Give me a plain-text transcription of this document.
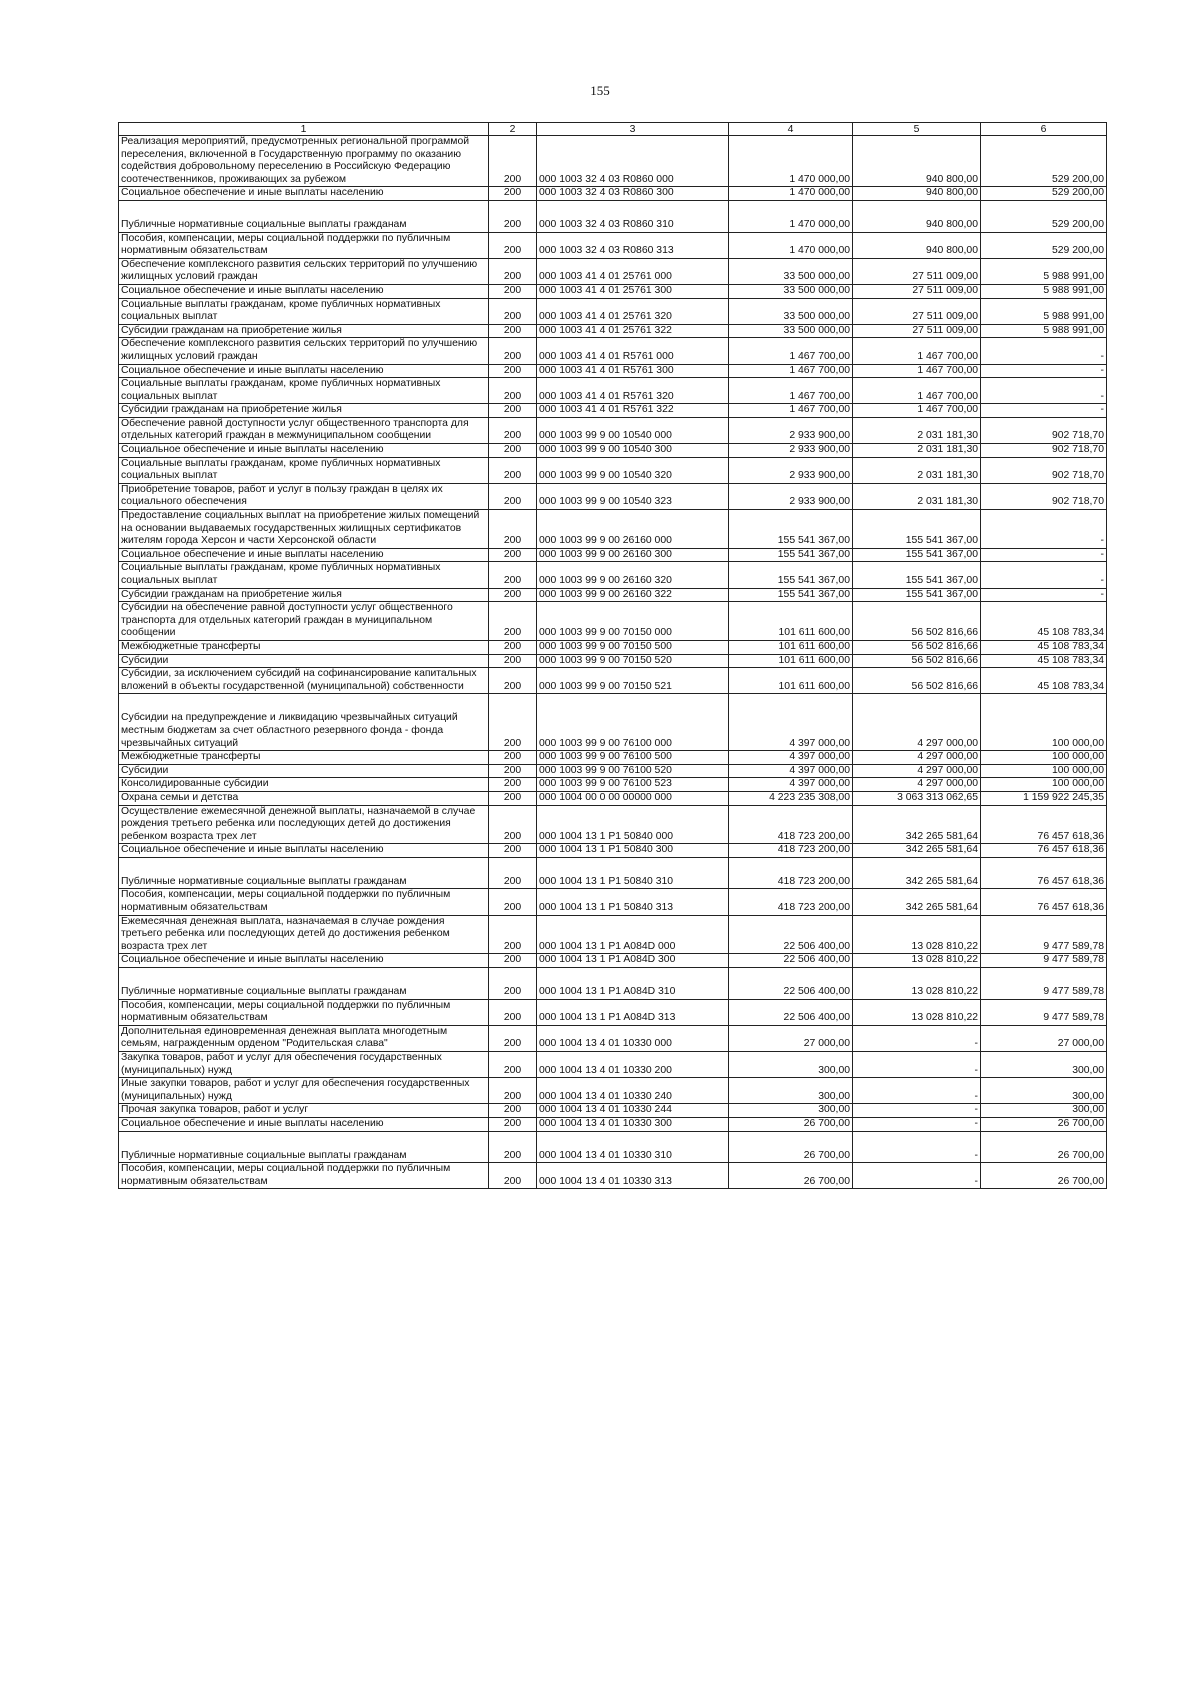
155
1	2	3	4	5	6
Реализация мероприятий, предусмотренных региональной программой переселения, включенной в Государственную программу по оказанию содействия добровольному переселению в Российскую Федерацию соотечественников, проживающих за рубежом	200	000 1003 32 4 03 R0860 000	1 470 000,00	940 800,00	529 200,00
Социальное обеспечение и иные выплаты населению	200	000 1003 32 4 03 R0860 300	1 470 000,00	940 800,00	529 200,00
Публичные нормативные социальные выплаты гражданам	200	000 1003 32 4 03 R0860 310	1 470 000,00	940 800,00	529 200,00
Пособия, компенсации, меры социальной поддержки по публичным нормативным обязательствам	200	000 1003 32 4 03 R0860 313	1 470 000,00	940 800,00	529 200,00
Обеспечение комплексного развития сельских территорий по улучшению жилищных условий граждан	200	000 1003 41 4 01 25761 000	33 500 000,00	27 511 009,00	5 988 991,00
Социальное обеспечение и иные выплаты населению	200	000 1003 41 4 01 25761 300	33 500 000,00	27 511 009,00	5 988 991,00
Социальные выплаты гражданам, кроме публичных нормативных социальных выплат	200	000 1003 41 4 01 25761 320	33 500 000,00	27 511 009,00	5 988 991,00
Субсидии гражданам на приобретение жилья	200	000 1003 41 4 01 25761 322	33 500 000,00	27 511 009,00	5 988 991,00
Обеспечение комплексного развития сельских территорий по улучшению жилищных условий граждан	200	000 1003 41 4 01 R5761 000	1 467 700,00	1 467 700,00	-
Социальное обеспечение и иные выплаты населению	200	000 1003 41 4 01 R5761 300	1 467 700,00	1 467 700,00	-
Социальные выплаты гражданам, кроме публичных нормативных социальных выплат	200	000 1003 41 4 01 R5761 320	1 467 700,00	1 467 700,00	-
Субсидии гражданам на приобретение жилья	200	000 1003 41 4 01 R5761 322	1 467 700,00	1 467 700,00	-
Обеспечение равной доступности услуг общественного транспорта для отдельных категорий граждан в межмуниципальном сообщении	200	000 1003 99 9 00 10540 000	2 933 900,00	2 031 181,30	902 718,70
Социальное обеспечение и иные выплаты населению	200	000 1003 99 9 00 10540 300	2 933 900,00	2 031 181,30	902 718,70
Социальные выплаты гражданам, кроме публичных нормативных социальных выплат	200	000 1003 99 9 00 10540 320	2 933 900,00	2 031 181,30	902 718,70
Приобретение товаров, работ и услуг в пользу граждан в целях их социального обеспечения	200	000 1003 99 9 00 10540 323	2 933 900,00	2 031 181,30	902 718,70
Предоставление социальных выплат на приобретение жилых помещений на основании выдаваемых государственных жилищных сертификатов жителям города Херсон и части Херсонской области	200	000 1003 99 9 00 26160 000	155 541 367,00	155 541 367,00	-
Социальное обеспечение и иные выплаты населению	200	000 1003 99 9 00 26160 300	155 541 367,00	155 541 367,00	-
Социальные выплаты гражданам, кроме публичных нормативных социальных выплат	200	000 1003 99 9 00 26160 320	155 541 367,00	155 541 367,00	-
Субсидии гражданам на приобретение жилья	200	000 1003 99 9 00 26160 322	155 541 367,00	155 541 367,00	-
Субсидии на обеспечение равной доступности услуг общественного транспорта для отдельных категорий граждан в муниципальном сообщении	200	000 1003 99 9 00 70150 000	101 611 600,00	56 502 816,66	45 108 783,34
Межбюджетные трансферты	200	000 1003 99 9 00 70150 500	101 611 600,00	56 502 816,66	45 108 783,34
Субсидии	200	000 1003 99 9 00 70150 520	101 611 600,00	56 502 816,66	45 108 783,34
Субсидии, за исключением субсидий на софинансирование капитальных вложений в объекты государственной (муниципальной) собственности	200	000 1003 99 9 00 70150 521	101 611 600,00	56 502 816,66	45 108 783,34
Субсидии на предупреждение и ликвидацию чрезвычайных ситуаций местным бюджетам за счет областного резервного фонда - фонда чрезвычайных ситуаций	200	000 1003 99 9 00 76100 000	4 397 000,00	4 297 000,00	100 000,00
Межбюджетные трансферты	200	000 1003 99 9 00 76100 500	4 397 000,00	4 297 000,00	100 000,00
Субсидии	200	000 1003 99 9 00 76100 520	4 397 000,00	4 297 000,00	100 000,00
Консолидированные субсидии	200	000 1003 99 9 00 76100 523	4 397 000,00	4 297 000,00	100 000,00
Охрана семьи и детства	200	000 1004 00 0 00 00000 000	4 223 235 308,00	3 063 313 062,65	1 159 922 245,35
Осуществление ежемесячной денежной выплаты, назначаемой в случае рождения третьего ребенка или последующих детей до достижения ребенком возраста трех лет	200	000 1004 13 1 P1 50840 000	418 723 200,00	342 265 581,64	76 457 618,36
Социальное обеспечение и иные выплаты населению	200	000 1004 13 1 P1 50840 300	418 723 200,00	342 265 581,64	76 457 618,36
Публичные нормативные социальные выплаты гражданам	200	000 1004 13 1 P1 50840 310	418 723 200,00	342 265 581,64	76 457 618,36
Пособия, компенсации, меры социальной поддержки по публичным нормативным обязательствам	200	000 1004 13 1 P1 50840 313	418 723 200,00	342 265 581,64	76 457 618,36
Ежемесячная денежная выплата, назначаемая в случае рождения третьего ребенка или последующих детей до достижения ребенком возраста трех лет	200	000 1004 13 1 P1 A084D 000	22 506 400,00	13 028 810,22	9 477 589,78
Социальное обеспечение и иные выплаты населению	200	000 1004 13 1 P1 A084D 300	22 506 400,00	13 028 810,22	9 477 589,78
Публичные нормативные социальные выплаты гражданам	200	000 1004 13 1 P1 A084D 310	22 506 400,00	13 028 810,22	9 477 589,78
Пособия, компенсации, меры социальной поддержки по публичным нормативным обязательствам	200	000 1004 13 1 P1 A084D 313	22 506 400,00	13 028 810,22	9 477 589,78
Дополнительная единовременная денежная выплата многодетным семьям, награжденным орденом "Родительская слава"	200	000 1004 13 4 01 10330 000	27 000,00	-	27 000,00
Закупка товаров, работ и услуг для обеспечения государственных (муниципальных) нужд	200	000 1004 13 4 01 10330 200	300,00	-	300,00
Иные закупки товаров, работ и услуг для обеспечения государственных (муниципальных) нужд	200	000 1004 13 4 01 10330 240	300,00	-	300,00
Прочая закупка товаров, работ и услуг	200	000 1004 13 4 01 10330 244	300,00	-	300,00
Социальное обеспечение и иные выплаты населению	200	000 1004 13 4 01 10330 300	26 700,00	-	26 700,00
Публичные нормативные социальные выплаты гражданам	200	000 1004 13 4 01 10330 310	26 700,00	-	26 700,00
Пособия, компенсации, меры социальной поддержки по публичным нормативным обязательствам	200	000 1004 13 4 01 10330 313	26 700,00	-	26 700,00
